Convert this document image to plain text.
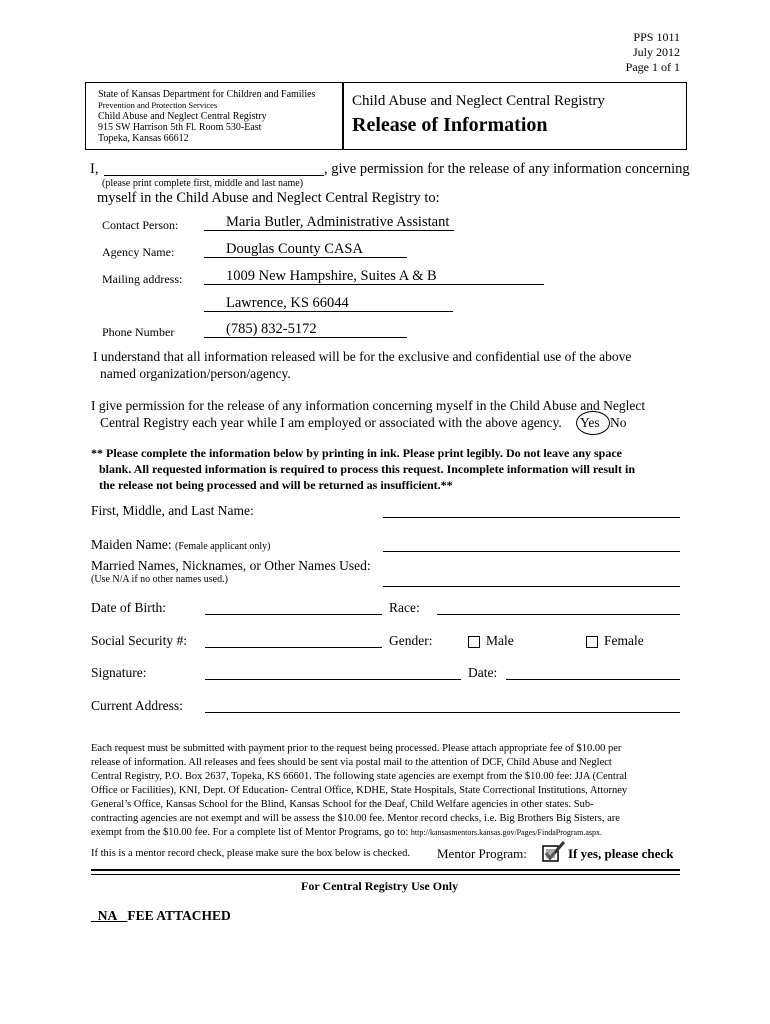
PPS 1011
July 2012
Page 1 of 1
State of Kansas Department for Children and Families
Prevention and Protection Services
Child Abuse and Neglect Central Registry
915 SW Harrison 5th Fl. Room 530-East
Topeka, Kansas 66612
Child Abuse and Neglect Central Registry
Release of Information
I,	, give permission for the release of any information concerning
(please print complete first, middle and last name)
myself in the Child Abuse and Neglect Central Registry to:
Contact Person:	Maria Butler, Administrative Assistant
Agency Name:	Douglas County CASA
Mailing address:	1009 New Hampshire, Suites A & B
Lawrence, KS 66044
Phone Number	(785) 832-5172
I understand that all information released will be for the exclusive and confidential use of the above
named organization/person/agency.
I give permission for the release of any information concerning myself in the Child Abuse and Neglect
Central Registry each year while I am employed or associated with the above agency. Yes No
** Please complete the information below by printing in ink. Please print legibly. Do not leave any space
blank. All requested information is required to process this request. Incomplete information will result in
the release not being processed and will be returned as insufficient.**
First, Middle, and Last Name:
Maiden Name: (Female applicant only)
Married Names, Nicknames, or Other Names Used:
(Use N/A if no other names used.)
Date of Birth:	Race:
Social Security #:	Gender:	Male	Female
Signature:	Date:
Current Address:
Each request must be submitted with payment prior to the request being processed. Please attach appropriate fee of $10.00 per
release of information. All releases and fees should be sent via postal mail to the attention of DCF, Child Abuse and Neglect
Central Registry, P.O. Box 2637, Topeka, KS 66601. The following state agencies are exempt from the $10.00 fee: JJA (Central
Office or Facilities), KNI, Dept. Of Education- Central Office, KDHE, State Hospitals, State Correctional Institutions, Attorney
General’s Office, Kansas School for the Blind, Kansas School for the Deaf, Child Welfare agencies in other states. Sub-
contracting agencies are not exempt and will be assess the $10.00 fee. Mentor record checks, i.e. Big Brothers Big Sisters, are
exempt from the $10.00 fee. For a complete list of Mentor Programs, go to: http://kansasmentors.kansas.gov/Pages/FindaProgram.aspx.
If this is a mentor record check, please make sure the box below is checked. Mentor Program:	If yes, please check
For Central Registry Use Only
NA FEE ATTACHED
